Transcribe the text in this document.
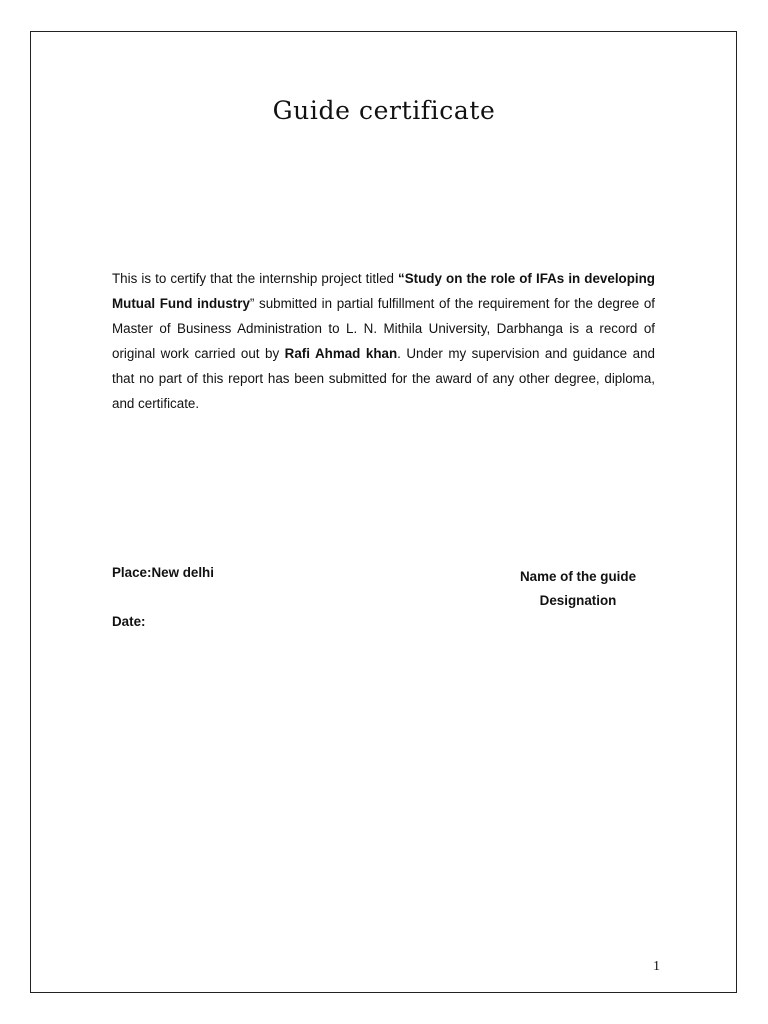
Guide certificate

This is to certify that the internship project titled “Study on the role of IFAs in developing Mutual Fund industry” submitted in partial fulfillment of the requirement for the degree of Master of Business Administration to L. N. Mithila University, Darbhanga is a record of original work carried out by Rafi Ahmad khan. Under my supervision and guidance and that no part of this report has been submitted for the award of any other degree, diploma, and certificate.

Place:New delhi
Date:
Name of the guide
Designation
1
